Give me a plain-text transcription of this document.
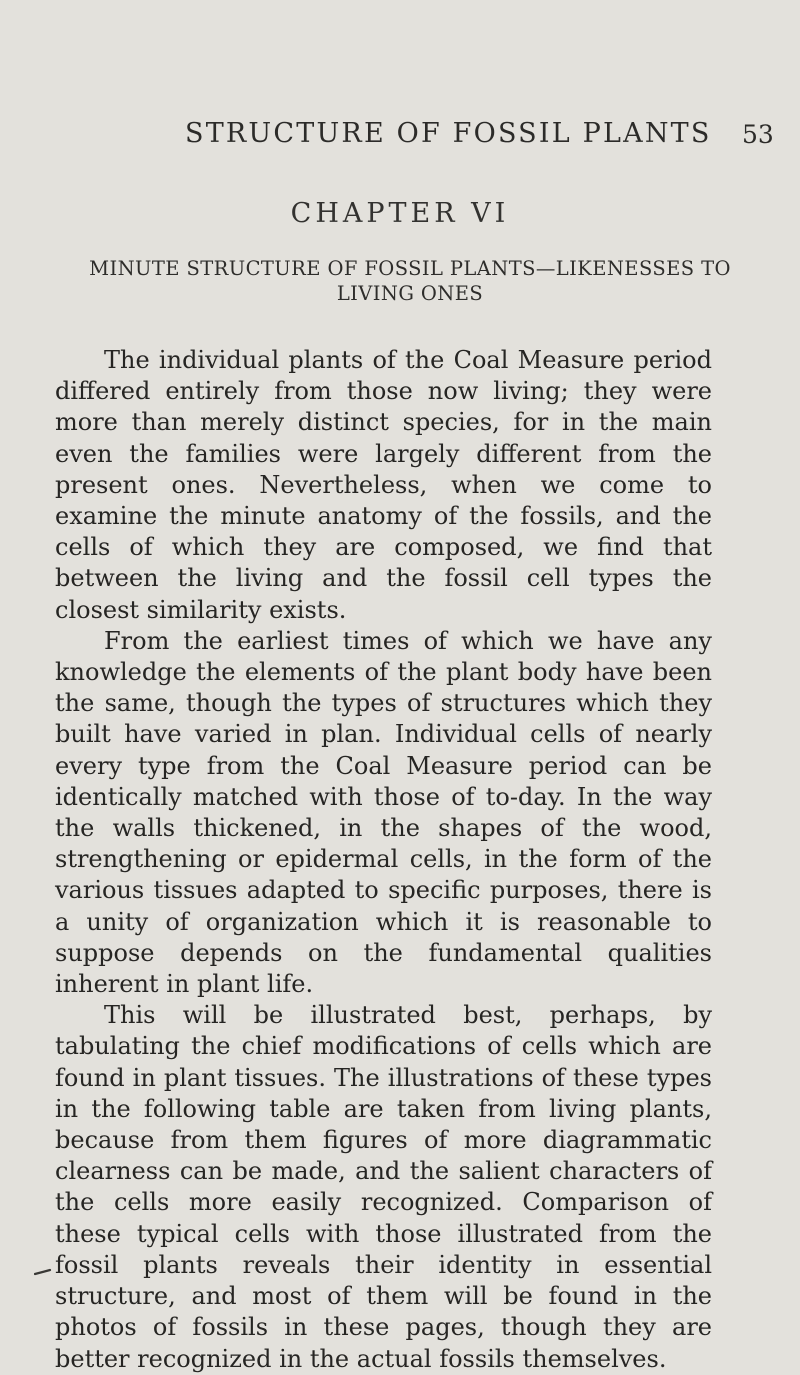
STRUCTURE OF FOSSIL PLANTS 53
CHAPTER VI
MINUTE STRUCTURE OF FOSSIL PLANTS—LIKENESSES TO LIVING ONES

The individual plants of the Coal Measure period differed entirely from those now living; they were more than merely distinct species, for in the main even the families were largely different from the present ones. Nevertheless, when we come to examine the minute anatomy of the fossils, and the cells of which they are composed, we find that between the living and the fossil cell types the closest similarity exists.

From the earliest times of which we have any knowledge the elements of the plant body have been the same, though the types of structures which they built have varied in plan. Individual cells of nearly every type from the Coal Measure period can be identically matched with those of to-day. In the way the walls thickened, in the shapes of the wood, strengthening or epidermal cells, in the form of the various tissues adapted to specific purposes, there is a unity of organization which it is reasonable to suppose depends on the fundamental qualities inherent in plant life.

This will be illustrated best, perhaps, by tabulating the chief modifications of cells which are found in plant tissues. The illustrations of these types in the following table are taken from living plants, because from them figures of more diagrammatic clearness can be made, and the salient characters of the cells more easily recognized. Comparison of these typical cells with those illustrated from the fossil plants reveals their identity in essential structure, and most of them will be found in the photos of fossils in these pages, though they are better recognized in the actual fossils themselves.
